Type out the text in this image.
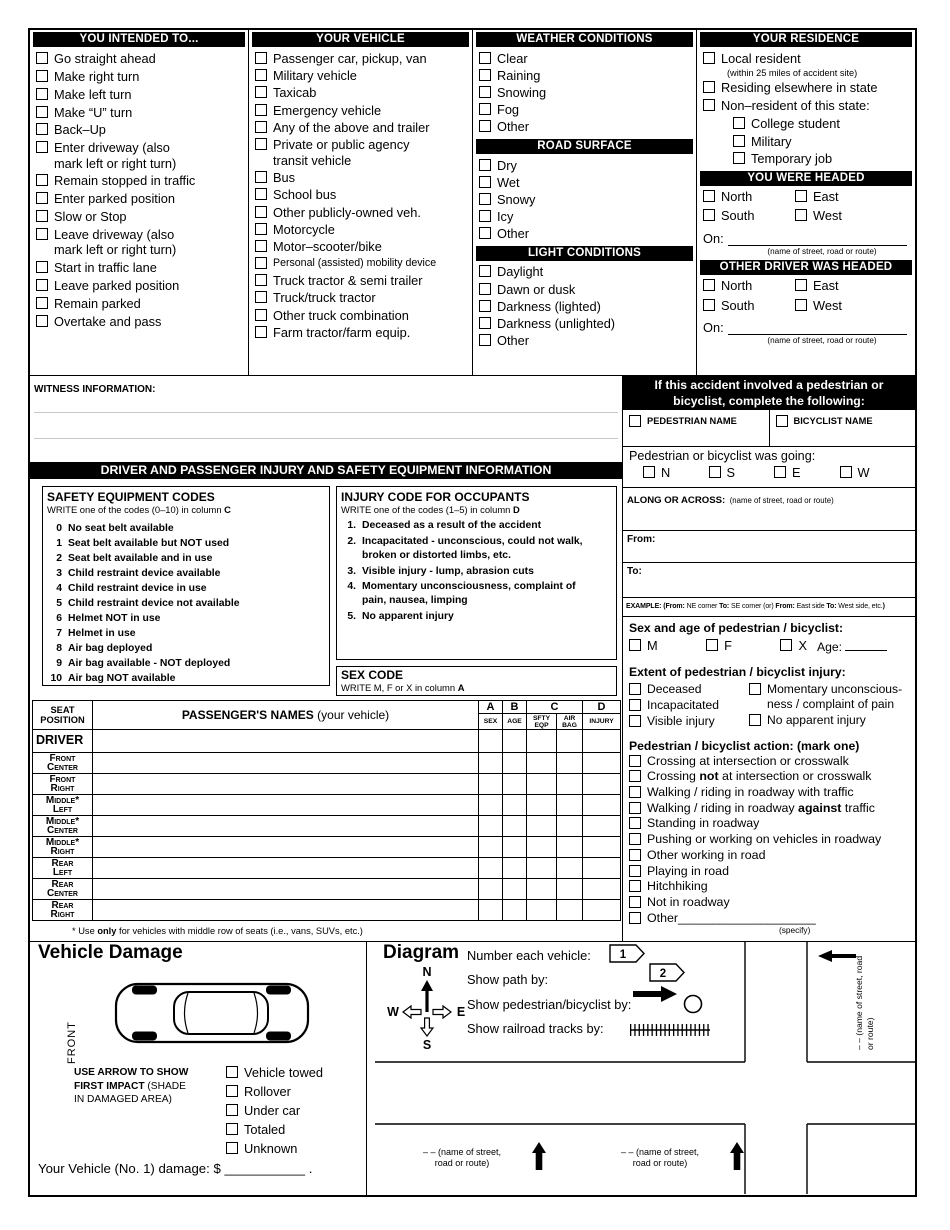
YOU INTENDED TO...
Go straight ahead
Make right turn
Make left turn
Make “U” turn
Back–Up
Enter driveway (also
mark left or right turn)
Remain stopped in traffic
Enter parked position
Slow or Stop
Leave driveway (also
mark left or right turn)
Start in traffic lane
Leave parked position
Remain parked
Overtake and pass
YOUR VEHICLE
Passenger car, pickup, van
Military vehicle
Taxicab
Emergency vehicle
Any of the above and trailer
Private or public agency
transit vehicle
Bus
School bus
Other publicly-owned veh.
Motorcycle
Motor–scooter/bike
Personal (assisted) mobility device
Truck tractor & semi trailer
Truck/truck tractor
Other truck combination
Farm tractor/farm equip.
WEATHER CONDITIONS
Clear
Raining
Snowing
Fog
Other
ROAD SURFACE
Dry
Wet
Snowy
Icy
Other
LIGHT CONDITIONS
Daylight
Dawn or dusk
Darkness (lighted)
Darkness (unlighted)
Other
YOUR RESIDENCE
Local resident
(within 25 miles of accident site)
Residing elsewhere in state
Non–resident of this state:
College student
Military
Temporary job
YOU WERE HEADED
North	East
South	West
On:
(name of street, road or route)
OTHER DRIVER WAS HEADED
North	East
South	West
On:
(name of street, road or route)
WITNESS INFORMATION:
DRIVER AND PASSENGER INJURY AND SAFETY EQUIPMENT INFORMATION
SAFETY EQUIPMENT CODES
WRITE one of the codes (0–10) in column C
0 No seat belt available
1 Seat belt available but NOT used
2 Seat belt available and in use
3 Child restraint device available
4 Child restraint device in use
5 Child restraint device not available
6 Helmet NOT in use
7 Helmet in use
8 Air bag deployed
9 Air bag available - NOT deployed
10 Air bag NOT available
INJURY CODE FOR OCCUPANTS
WRITE one of the codes (1–5) in column D
1. Deceased as a result of the accident
2. Incapacitated - unconscious, could not walk,
broken or distorted limbs, etc.
3. Visible injury - lump, abrasion cuts
4. Momentary unconsciousness, complaint of
pain, nausea, limping
5. No apparent injury
SEX CODE
WRITE M, F or X in column A
SEAT
POSITION	PASSENGER'S NAMES (your vehicle)	A	B	C		D
		SEX	AGE	SFTY EQP	AIR BAG	INJURY
DRIVER						

Front
Center						

Front
Right						

Middle*
Left						

Middle*
Center						

Middle*
Right						

Rear
Left						

Rear
Center						

Rear
Right						

* Use only for vehicles with middle row of seats (i.e., vans, SUVs, etc.)
If this accident involved a pedestrian or
bicyclist, complete the following:
PEDESTRIAN NAME	BICYCLIST NAME
Pedestrian or bicyclist was going:
N	S	E	W
ALONG OR ACROSS: (name of street, road or route)
From:
To:
EXAMPLE: (From: NE corner To: SE corner (or) From: East side To: West side, etc.)
Sex and age of pedestrian / bicyclist:
M	F	X Age:
Extent of pedestrian / bicyclist injury:
Deceased
Incapacitated
Visible injury
Momentary unconscious-
ness / complaint of pain
No apparent injury
Pedestrian / bicyclist action: (mark one)
Crossing at intersection or crosswalk
Crossing not at intersection or crosswalk
Walking / riding in roadway with traffic
Walking / riding in roadway against traffic
Standing in roadway
Pushing or working on vehicles in roadway
Other working in road
Playing in road
Hitchhiking
Not in roadway
Other____________________
(specify)
Vehicle Damage
FRONT
USE ARROW TO SHOW
FIRST IMPACT (SHADE
IN DAMAGED AREA)
Vehicle towed
Rollover
Under car
Totaled
Unknown
Your Vehicle (No. 1) damage: $ ___________ .
Diagram
N
W	E
S
1
2
Number each vehicle:
Show path by:
Show pedestrian/bicyclist by:
Show railroad tracks by:
– – (name of street,
road or route)
– – (name of street,
road or route)
– – (name of street, road or route)
